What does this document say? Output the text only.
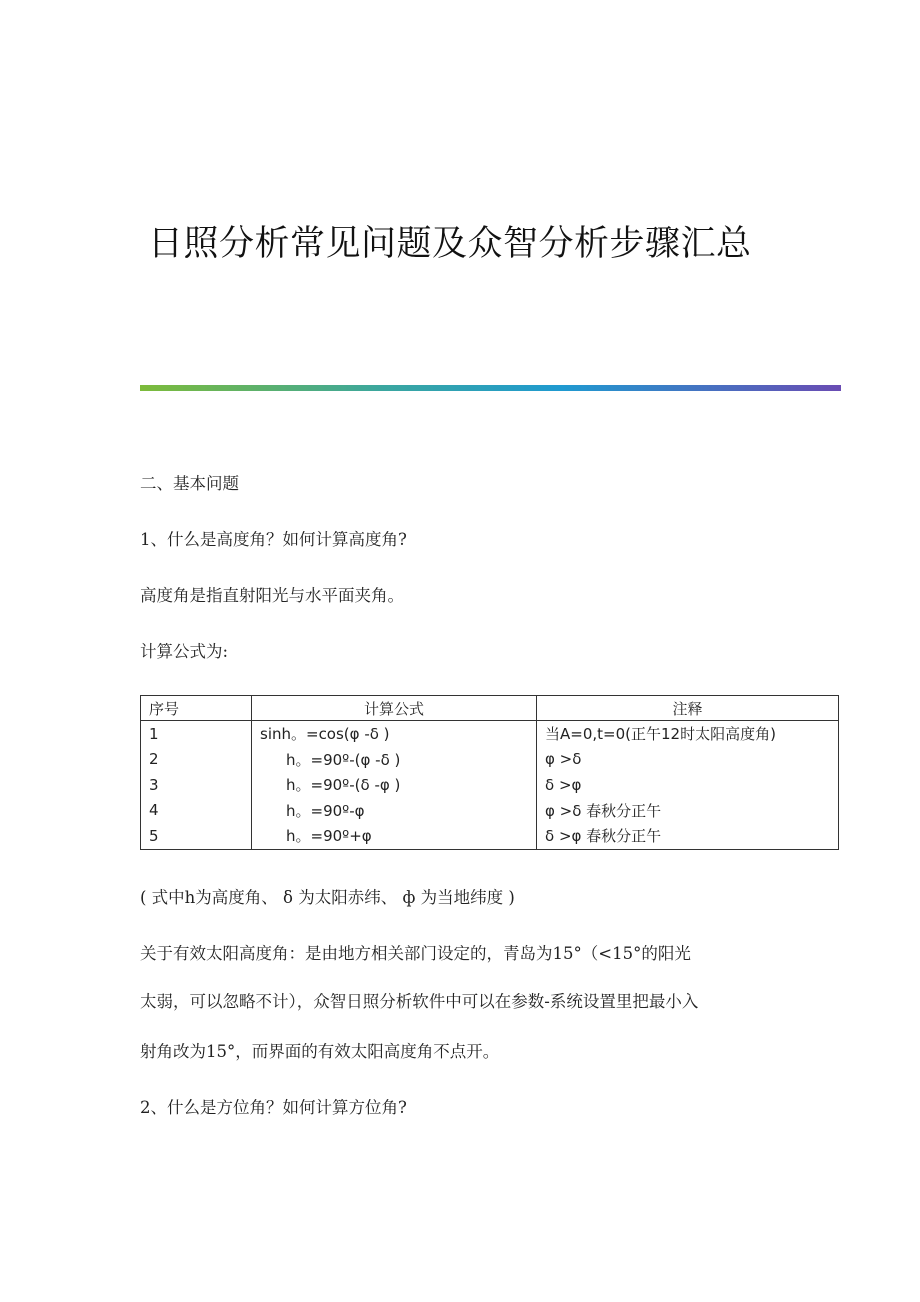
日照分析常见问题及众智分析步骤汇总
二、基本问题
1、什么是高度角？如何计算高度角?
高度角是指直射阳光与水平面夹角。
计算公式为:
序号	计算公式	注释
1	sinh。=cos(φ -δ )	当A=0,t=0(正午12时太阳高度角)
2	h。=90º-(φ -δ )	φ >δ
3	h。=90º-(δ -φ )	δ >φ
4	h。=90º-φ	φ >δ 春秋分正午
5	h。=90º+φ	δ >φ 春秋分正午
( 式中h为高度角、 δ 为太阳赤纬、 ф 为当地纬度 )
关于有效太阳高度角：是由地方相关部门设定的，青岛为15°（<15°的阳光
太弱，可以忽略不计），众智日照分析软件中可以在参数-系统设置里把最小入
射角改为15°，而界面的有效太阳高度角不点开。
2、什么是方位角？如何计算方位角?
